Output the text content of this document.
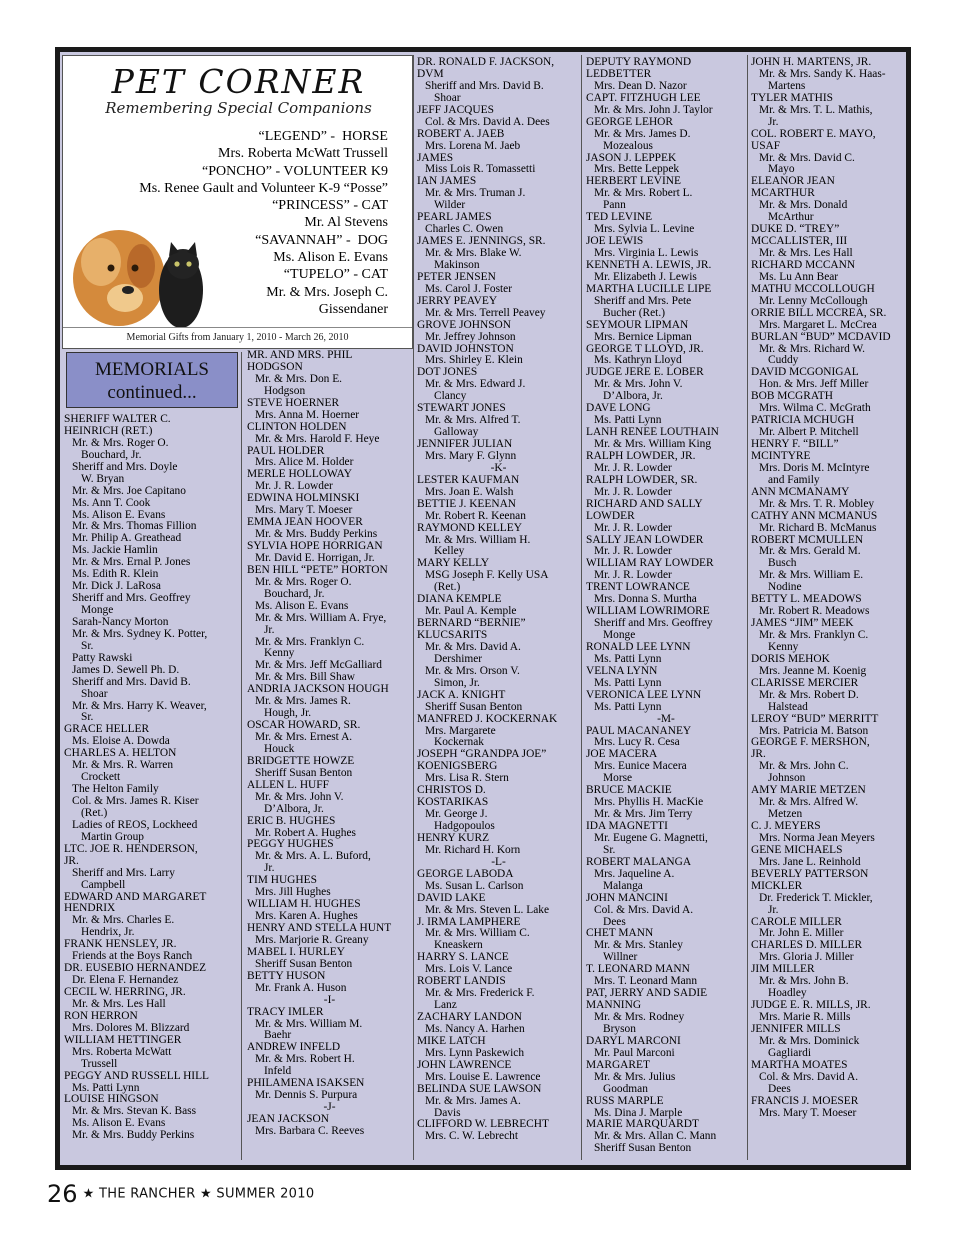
PET CORNER
Remembering Special Companions
“LEGEND” -  HORSE
Mrs. Roberta McWatt Trussell
“PONCHO” - VOLUNTEER K9
Ms. Renee Gault and Volunteer K-9 “Posse”
“PRINCESS” - CAT
Mr. Al Stevens
“SAVANNAH” -  DOG
Ms. Alison E. Evans
“TUPELO” - CAT
Mr. & Mrs. Joseph C.
Gissendaner
Memorial Gifts from January 1, 2010 - March 26, 2010
MEMORIALS
continued...
SHERIFF WALTER C.
HEINRICH (RET.)
Mr. & Mrs. Roger O.
Bouchard, Jr.
Sheriff and Mrs. Doyle
W. Bryan
Mr. & Mrs. Joe Capitano
Ms. Ann T. Cook
Ms. Alison E. Evans
Mr. & Mrs. Thomas Fillion
Mr. Philip A. Greathead
Ms. Jackie Hamlin
Mr. & Mrs. Ernal P. Jones
Ms. Edith R. Klein
Mr. Dick J. LaRosa
Sheriff and Mrs. Geoffrey
Monge
Sarah-Nancy Morton
Mr. & Mrs. Sydney K. Potter,
Sr.
Patty Rawski
James D. Sewell Ph. D.
Sheriff and Mrs. David B.
Shoar
Mr. & Mrs. Harry K. Weaver,
Sr.
GRACE HELLER
Ms. Eloise A. Dowda
CHARLES A. HELTON
Mr. & Mrs. R. Warren
Crockett
The Helton Family
Col. & Mrs. James R. Kiser
(Ret.)
Ladies of REOS, Lockheed
Martin Group
LTC. JOE R. HENDERSON,
JR.
Sheriff and Mrs. Larry
Campbell
EDWARD AND MARGARET
HENDRIX
Mr. & Mrs. Charles E.
Hendrix, Jr.
FRANK HENSLEY, JR.
Friends at the Boys Ranch
DR. EUSEBIO HERNANDEZ
Dr. Elena F. Hernandez
CECIL W. HERRING, JR.
Mr. & Mrs. Les Hall
RON HERRON
Mrs. Dolores M. Blizzard
WILLIAM HETTINGER
Mrs. Roberta McWatt
Trussell
PEGGY AND RUSSELL HILL
Ms. Patti Lynn
LOUISE HINGSON
Mr. & Mrs. Stevan K. Bass
Ms. Alison E. Evans
Mr. & Mrs. Buddy Perkins
MR. AND MRS. PHIL
HODGSON
Mr. & Mrs. Don E.
Hodgson
STEVE HOERNER
Mrs. Anna M. Hoerner
CLINTON HOLDEN
Mr. & Mrs. Harold F. Heye
PAUL HOLDER
Mrs. Alice M. Holder
MERLE HOLLOWAY
Mr. J. R. Lowder
EDWINA HOLMINSKI
Mrs. Mary T. Moeser
EMMA JEAN HOOVER
Mr. & Mrs. Buddy Perkins
SYLVIA HOPE HORRIGAN
Mr. David E. Horrigan, Jr.
BEN HILL “PETE” HORTON
Mr. & Mrs. Roger O.
Bouchard, Jr.
Ms. Alison E. Evans
Mr. & Mrs. William A. Frye,
Jr.
Mr. & Mrs. Franklyn C.
Kenny
Mr. & Mrs. Jeff McGalliard
Mr. & Mrs. Bill Shaw
ANDRIA JACKSON HOUGH
Mr. & Mrs. James R.
Hough, Jr.
OSCAR HOWARD, SR.
Mr. & Mrs. Ernest A.
Houck
BRIDGETTE HOWZE
Sheriff Susan Benton
ALLEN L. HUFF
Mr. & Mrs. John V.
D’Albora, Jr.
ERIC B. HUGHES
Mr. Robert A. Hughes
PEGGY HUGHES
Mr. & Mrs. A. L. Buford,
Jr.
TIM HUGHES
Mrs. Jill Hughes
WILLIAM H. HUGHES
Mrs. Karen A. Hughes
HENRY AND STELLA HUNT
Mrs. Marjorie R. Greany
MABEL I. HURLEY
Sheriff Susan Benton
BETTY HUSON
Mr. Frank A. Huson
-I-
TRACY IMLER
Mr. & Mrs. William M.
Baehr
ANDREW INFELD
Mr. & Mrs. Robert H.
Infeld
PHILAMENA ISAKSEN
Mr. Dennis S. Purpura
-J-
JEAN JACKSON
Mrs. Barbara C. Reeves
DR. RONALD F. JACKSON,
DVM
Sheriff and Mrs. David B.
Shoar
JEFF JACQUES
Col. & Mrs. David A. Dees
ROBERT A. JAEB
Mrs. Lorena M. Jaeb
JAMES
Miss Lois R. Tomassetti
IAN JAMES
Mr. & Mrs. Truman J.
Wilder
PEARL JAMES
Charles C. Owen
JAMES E. JENNINGS, SR.
Mr. & Mrs. Blake W.
Makinson
PETER JENSEN
Ms. Carol J. Foster
JERRY PEAVEY
Mr. & Mrs. Terrell Peavey
GROVE JOHNSON
Mr. Jeffrey Johnson
DAVID JOHNSTON
Mrs. Shirley E. Klein
DOT JONES
Mr. & Mrs. Edward J.
Clancy
STEWART JONES
Mr. & Mrs. Alfred T.
Galloway
JENNIFER JULIAN
Mrs. Mary F. Glynn
-K-
LESTER KAUFMAN
Mrs. Joan E. Walsh
BETTIE J. KEENAN
Mr. Robert R. Keenan
RAYMOND KELLEY
Mr. & Mrs. William H.
Kelley
MARY KELLY
MSG Joseph F. Kelly USA
(Ret.)
DIANA KEMPLE
Mr. Paul A. Kemple
BERNARD “BERNIE”
KLUCSARITS
Mr. & Mrs. David A.
Dershimer
Mr. & Mrs. Orson V.
Simon, Jr.
JACK A. KNIGHT
Sheriff Susan Benton
MANFRED J. KOCKERNAK
Mrs. Margarete
Kockernak
JOSEPH “GRANDPA JOE”
KOENIGSBERG
Mrs. Lisa R. Stern
CHRISTOS D.
KOSTARIKAS
Mr. George J.
Hadgopoulos
HENRY KURZ
Mr. Richard H. Korn
-L-
GEORGE LABODA
Ms. Susan L. Carlson
DAVID LAKE
Mr. & Mrs. Steven L. Lake
J. IRMA LAMPHERE
Mr. & Mrs. William C.
Kneaskern
HARRY S. LANCE
Mrs. Lois V. Lance
ROBERT LANDIS
Mr. & Mrs. Frederick F.
Lanz
ZACHARY LANDON
Ms. Nancy A. Harhen
MIKE LATCH
Mrs. Lynn Paskewich
JOHN LAWRENCE
Mrs. Louise E. Lawrence
BELINDA SUE LAWSON
Mr. & Mrs. James A.
Davis
CLIFFORD W. LEBRECHT
Mrs. C. W. Lebrecht
DEPUTY RAYMOND
LEDBETTER
Mrs. Dean D. Nazor
CAPT. FITZHUGH LEE
Mr. & Mrs. John J. Taylor
GEORGE LEHOR
Mr. & Mrs. James D.
Mozealous
JASON J. LEPPEK
Mrs. Bette Leppek
HERBERT LEVINE
Mr. & Mrs. Robert L.
Pann
TED LEVINE
Mrs. Sylvia L. Levine
JOE LEWIS
Mrs. Virginia L. Lewis
KENNETH A. LEWIS, JR.
Mr. Elizabeth J. Lewis
MARTHA LUCILLE LIPE
Sheriff and Mrs. Pete
Bucher (Ret.)
SEYMOUR LIPMAN
Mrs. Bernice Lipman
GEORGE T LLOYD, JR.
Ms. Kathryn Lloyd
JUDGE JERE E. LOBER
Mr. & Mrs. John V.
D’Albora, Jr.
DAVE LONG
Ms. Patti Lynn
LANH RENEE LOUTHAIN
Mr. & Mrs. William King
RALPH LOWDER, JR.
Mr. J. R. Lowder
RALPH LOWDER, SR.
Mr. J. R. Lowder
RICHARD AND SALLY
LOWDER
Mr. J. R. Lowder
SALLY JEAN LOWDER
Mr. J. R. Lowder
WILLIAM RAY LOWDER
Mr. J. R. Lowder
TRENT LOWRANCE
Mrs. Donna S. Murtha
WILLIAM LOWRIMORE
Sheriff and Mrs. Geoffrey
Monge
RONALD LEE LYNN
Ms. Patti Lynn
VELNA LYNN
Ms. Patti Lynn
VERONICA LEE LYNN
Ms. Patti Lynn
-M-
PAUL MACANANEY
Mrs. Lucy R. Cesa
JOE MACERA
Mrs. Eunice Macera
Morse
BRUCE MACKIE
Mrs. Phyllis H. MacKie
Mr. & Mrs. Jim Terry
IDA MAGNETTI
Mr. Eugene G. Magnetti,
Sr.
ROBERT MALANGA
Mrs. Jaqueline A.
Malanga
JOHN MANCINI
Col. & Mrs. David A.
Dees
CHET MANN
Mr. & Mrs. Stanley
Willner
T. LEONARD MANN
Mrs. T. Leonard Mann
PAT, JERRY AND SADIE
MANNING
Mr. & Mrs. Rodney
Bryson
DARYL MARCONI
Mr. Paul Marconi
MARGARET
Mr. & Mrs. Julius
Goodman
RUSS MARPLE
Ms. Dina J. Marple
MARIE MARQUARDT
Mr. & Mrs. Allan C. Mann
Sheriff Susan Benton
JOHN H. MARTENS, JR.
Mr. & Mrs. Sandy K. Haas-
Martens
TYLER MATHIS
Mr. & Mrs. T. L. Mathis,
Jr.
COL. ROBERT E. MAYO,
USAF
Mr. & Mrs. David C.
Mayo
ELEANOR JEAN
MCARTHUR
Mr. & Mrs. Donald
McArthur
DUKE D. “TREY”
MCCALLISTER, III
Mr. & Mrs. Les Hall
RICHARD MCCANN
Ms. Lu Ann Bear
MATHU MCCOLLOUGH
Mr. Lenny McCollough
ORRIE BILL MCCREA, SR.
Mrs. Margaret L. McCrea
BURLAN “BUD” MCDAVID
Mr. & Mrs. Richard W.
Cuddy
DAVID MCGONIGAL
Hon. & Mrs. Jeff Miller
BOB MCGRATH
Mrs. Wilma C. McGrath
PATRICIA MCHUGH
Mr. Albert P. Mitchell
HENRY F. “BILL”
MCINTYRE
Mrs. Doris M. McIntyre
and Family
ANN MCMANAMY
Mr. & Mrs. T. R. Mobley
CATHY ANN MCMANUS
Mr. Richard B. McManus
ROBERT MCMULLEN
Mr. & Mrs. Gerald M.
Busch
Mr. & Mrs. William E.
Nodine
BETTY L. MEADOWS
Mr. Robert R. Meadows
JAMES “JIM” MEEK
Mr. & Mrs. Franklyn C.
Kenny
DORIS MEHOK
Mrs. Jeanne M. Koenig
CLARISSE MERCIER
Mr. & Mrs. Robert D.
Halstead
LEROY “BUD” MERRITT
Mrs. Patricia M. Batson
GEORGE F. MERSHON,
JR.
Mr. & Mrs. John C.
Johnson
AMY MARIE METZEN
Mr. & Mrs. Alfred W.
Metzen
C. J. MEYERS
Mrs. Norma Jean Meyers
GENE MICHAELS
Mrs. Jane L. Reinhold
BEVERLY PATTERSON
MICKLER
Dr. Frederick T. Mickler,
Jr.
CAROLE MILLER
Mr. John E. Miller
CHARLES D. MILLER
Mrs. Gloria J. Miller
JIM MILLER
Mr. & Mrs. John B.
Hoadley
JUDGE E. R. MILLS, JR.
Mrs. Marie R. Mills
JENNIFER MILLS
Mr. & Mrs. Dominick
Gagliardi
MARTHA MOATES
Col. & Mrs. David A.
Dees
FRANCIS J. MOESER
Mrs. Mary T. Moeser
26 ★ THE RANCHER ★ SUMMER 2010
